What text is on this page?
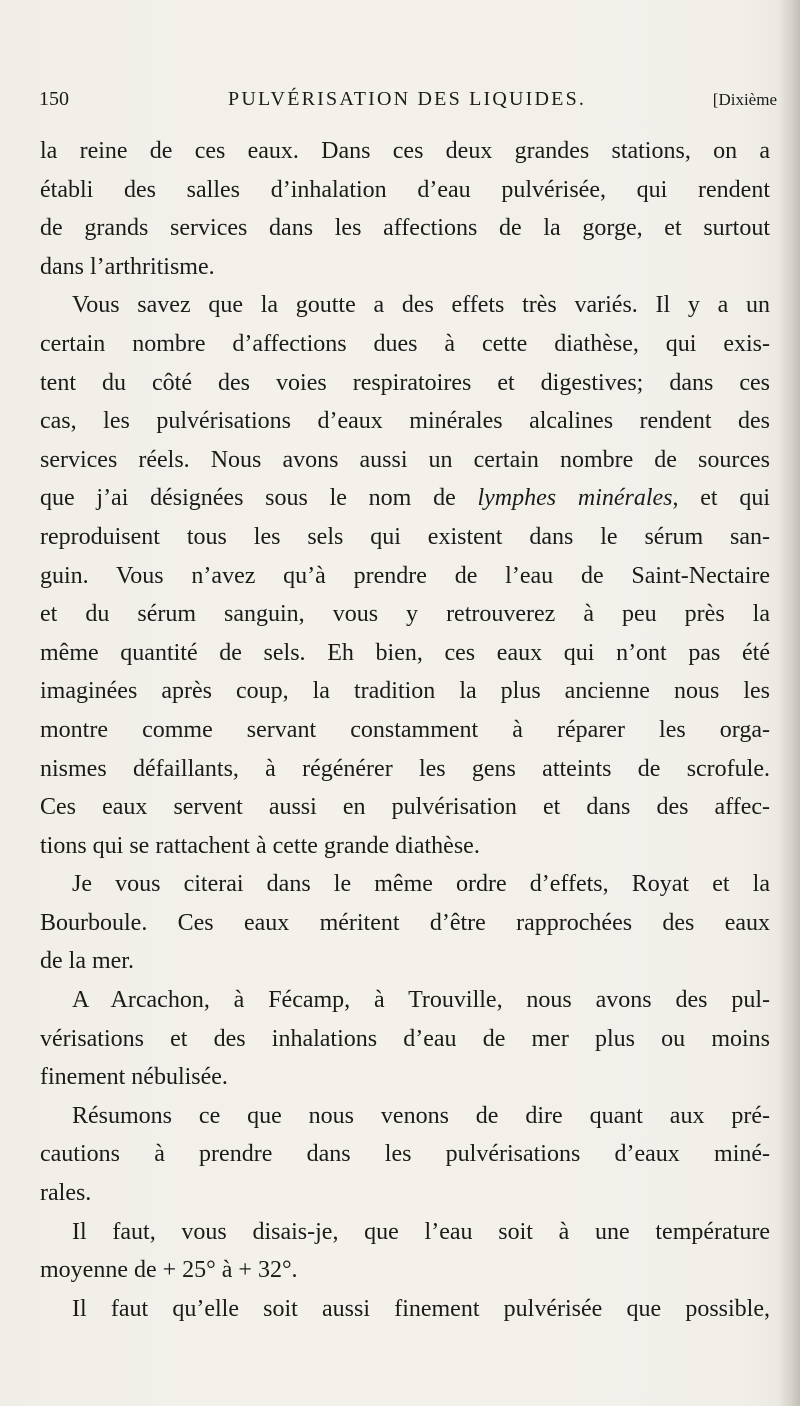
150	PULVÉRISATION DES LIQUIDES.	[Dixième
la reine de ces eaux. Dans ces deux grandes stations, on a
établi des salles d’inhalation d’eau pulvérisée, qui rendent
de grands services dans les affections de la gorge, et surtout
dans l’arthritisme.
Vous savez que la goutte a des effets très variés. Il y a un
certain nombre d’affections dues à cette diathèse, qui exis-
tent du côté des voies respiratoires et digestives; dans ces
cas, les pulvérisations d’eaux minérales alcalines rendent des
services réels. Nous avons aussi un certain nombre de sources
que j’ai désignées sous le nom de lymphes minérales, et qui
reproduisent tous les sels qui existent dans le sérum san-
guin. Vous n’avez qu’à prendre de l’eau de Saint-Nectaire
et du sérum sanguin, vous y retrouverez à peu près la
même quantité de sels. Eh bien, ces eaux qui n’ont pas été
imaginées après coup, la tradition la plus ancienne nous les
montre comme servant constamment à réparer les orga-
nismes défaillants, à régénérer les gens atteints de scrofule.
Ces eaux servent aussi en pulvérisation et dans des affec-
tions qui se rattachent à cette grande diathèse.
Je vous citerai dans le même ordre d’effets, Royat et la
Bourboule. Ces eaux méritent d’être rapprochées des eaux
de la mer.
A Arcachon, à Fécamp, à Trouville, nous avons des pul-
vérisations et des inhalations d’eau de mer plus ou moins
finement nébulisée.
Résumons ce que nous venons de dire quant aux pré-
cautions à prendre dans les pulvérisations d’eaux miné-
rales.
Il faut, vous disais-je, que l’eau soit à une température
moyenne de + 25° à + 32°.
Il faut qu’elle soit aussi finement pulvérisée que possible,
